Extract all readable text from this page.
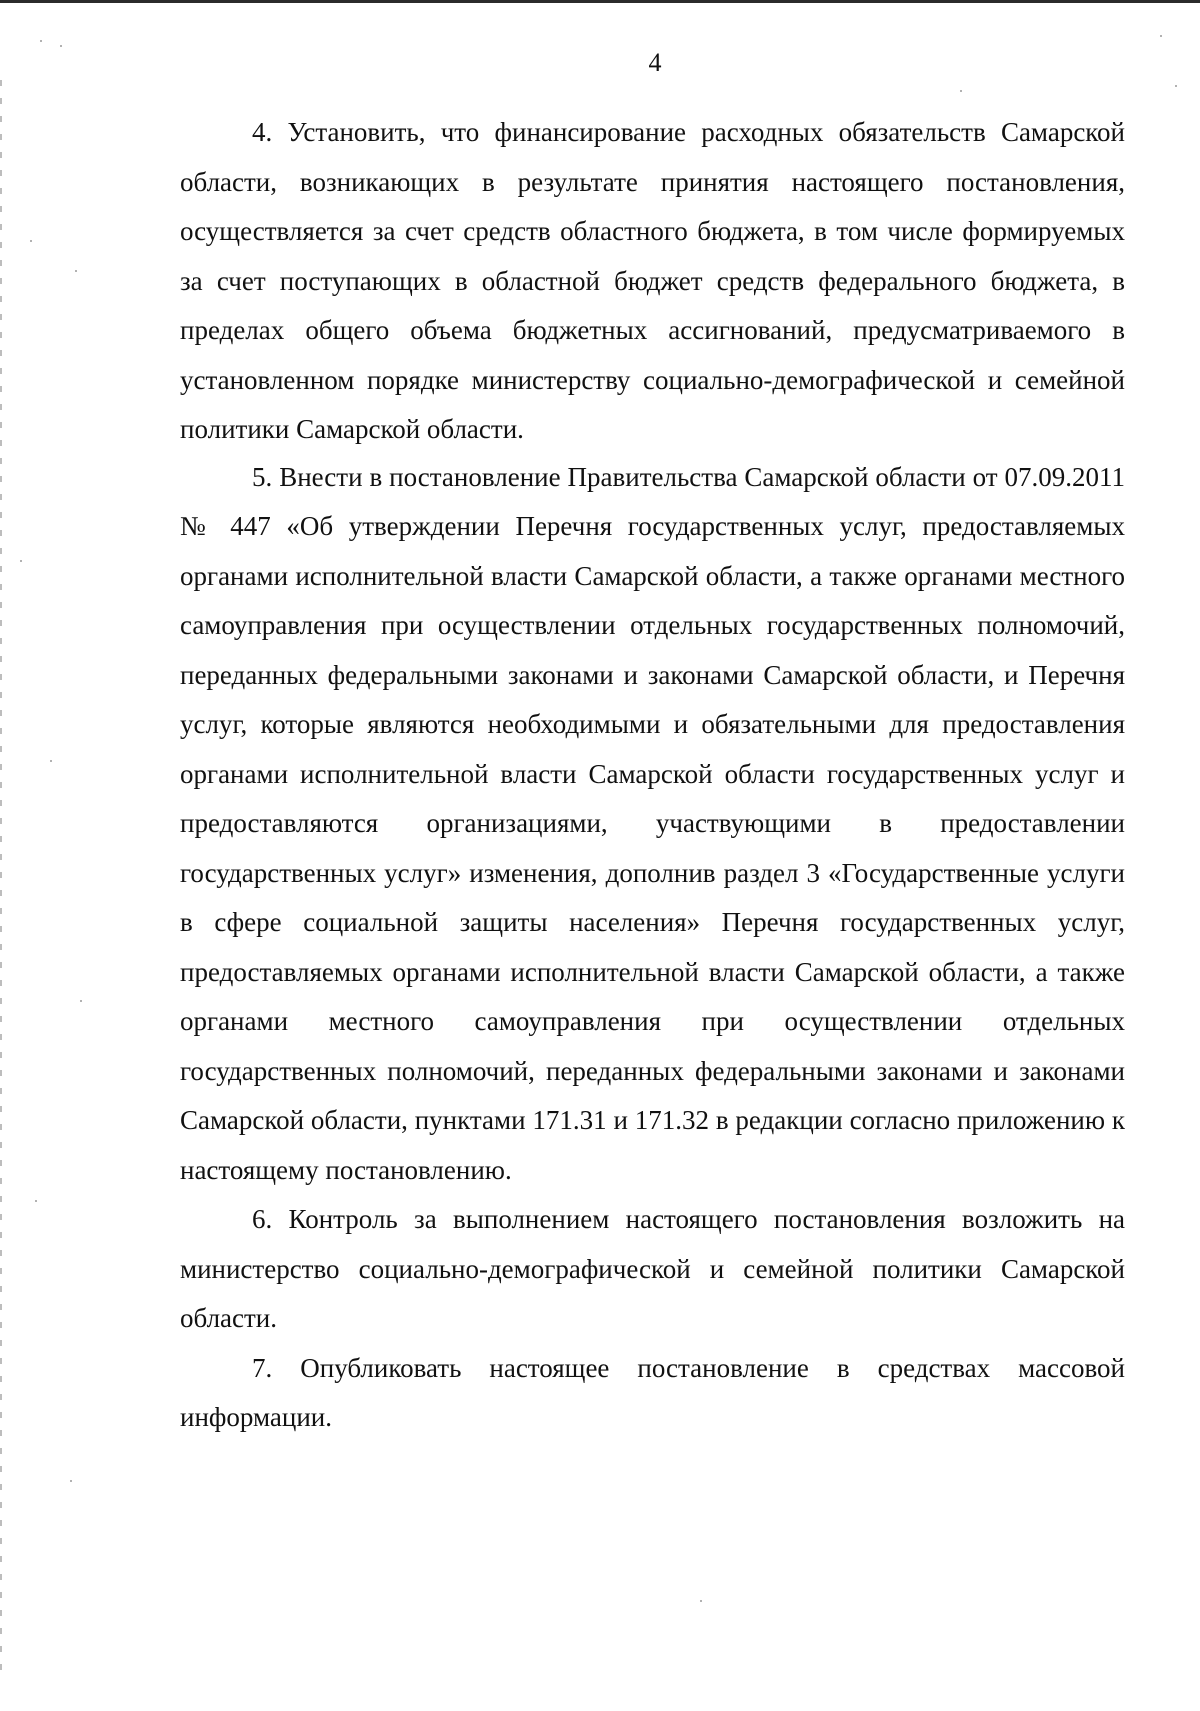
4

4. Установить, что финансирование расходных обязательств Самарской области, возникающих в результате принятия настоящего постановления, осуществляется за счет средств областного бюджета, в том числе формируемых за счет поступающих в областной бюджет средств федерального бюджета, в пределах общего объема бюджетных ассигнований, предусматриваемого в установленном порядке министерству социально-демографической и семейной политики Самарской области.

5. Внести в постановление Правительства Самарской области от 07.09.2011 № 447 «Об утверждении Перечня государственных услуг, предоставляемых органами исполнительной власти Самарской области, а также органами местного самоуправления при осуществлении отдельных государственных полномочий, переданных федеральными законами и законами Самарской области, и Перечня услуг, которые являются необходимыми и обязательными для предоставления органами исполнительной власти Самарской области государственных услуг и предоставляются организациями, участвующими в предоставлении государственных услуг» изменения, дополнив раздел 3 «Государственные услуги в сфере социальной защиты населения» Перечня государственных услуг, предоставляемых органами исполнительной власти Самарской области, а также органами местного самоуправления при осуществлении отдельных государственных полномочий, переданных федеральными законами и законами Самарской области, пунктами 171.31 и 171.32 в редакции согласно приложению к настоящему постановлению.

6. Контроль за выполнением настоящего постановления возложить на министерство социально-демографической и семейной политики Самарской области.

7. Опубликовать настоящее постановление в средствах массовой информации.
